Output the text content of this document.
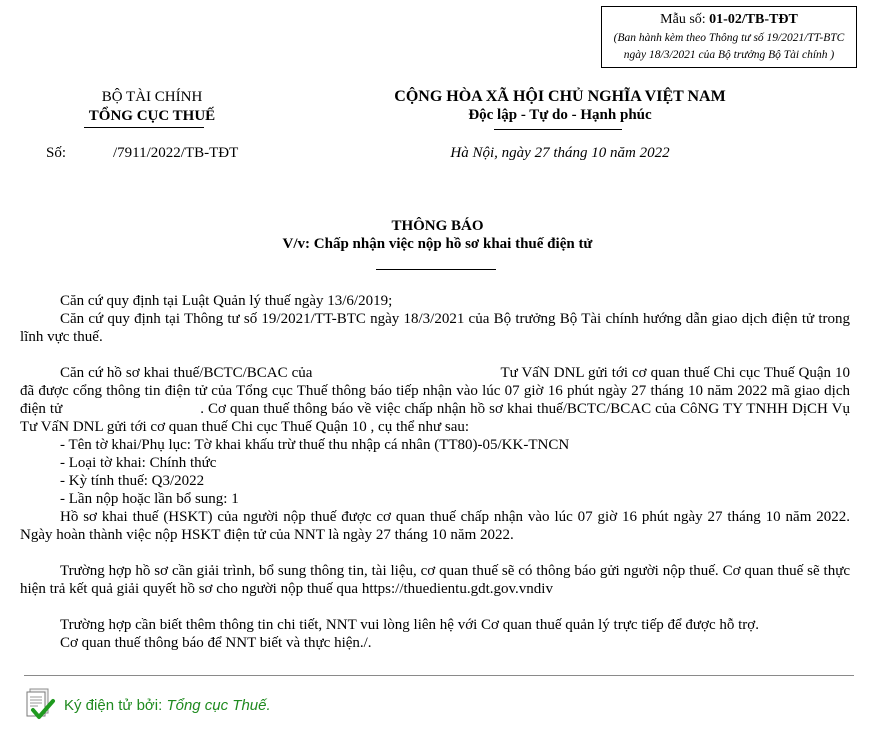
Mẫu số: 01-02/TB-TĐT
(Ban hành kèm theo Thông tư số 19/2021/TT-BTC
ngày 18/3/2021 của Bộ trưởng Bộ Tài chính )
BỘ TÀI CHÍNH
TỔNG CỤC THUẾ
Số:	/7911/2022/TB-TĐT
CỘNG HÒA XÃ HỘI CHỦ NGHĨA VIỆT NAM
Độc lập - Tự do - Hạnh phúc
Hà Nội, ngày 27 tháng 10 năm 2022
THÔNG BÁO
V/v: Chấp nhận việc nộp hồ sơ khai thuế điện tử

Căn cứ quy định tại Luật Quản lý thuế ngày 13/6/2019;

Căn cứ quy định tại Thông tư số 19/2021/TT-BTC ngày 18/3/2021 của Bộ trưởng Bộ Tài chính hướng dẫn giao dịch điện tử trong lĩnh vực thuế.

Căn cứ hồ sơ khai thuế/BCTC/BCAC của	Tư VấN DNL gửi tới cơ quan thuế Chi cục Thuế Quận 10 đã được cổng thông tin điện tử của Tổng cục Thuế thông báo tiếp nhận vào lúc 07 giờ 16 phút ngày 27 tháng 10 năm 2022 mã giao dịch điện tử	. Cơ quan thuế thông báo về việc chấp nhận hồ sơ khai thuế/BCTC/BCAC của CôNG TY TNHH DịCH Vụ Tư VấN DNL gửi tới cơ quan thuế Chi cục Thuế Quận 10 , cụ thể như sau:

- Tên tờ khai/Phụ lục: Tờ khai khấu trừ thuế thu nhập cá nhân (TT80)-05/KK-TNCN

- Loại tờ khai: Chính thức

- Kỳ tính thuế: Q3/2022

- Lần nộp hoặc lần bổ sung: 1

Hồ sơ khai thuế (HSKT) của người nộp thuế được cơ quan thuế chấp nhận vào lúc 07 giờ 16 phút ngày 27 tháng 10 năm 2022. Ngày hoàn thành việc nộp HSKT điện tử của NNT là ngày 27 tháng 10 năm 2022.

Trường hợp hồ sơ cần giải trình, bổ sung thông tin, tài liệu, cơ quan thuế sẽ có thông báo gửi người nộp thuế. Cơ quan thuế sẽ thực hiện trả kết quả giải quyết hồ sơ cho người nộp thuế qua https://thuedientu.gdt.gov.vndiv

Trường hợp cần biết thêm thông tin chi tiết, NNT vui lòng liên hệ với Cơ quan thuế quản lý trực tiếp để được hỗ trợ.

Cơ quan thuế thông báo để NNT biết và thực hiện./.

Ký điện tử bởi: Tổng cục Thuế.
